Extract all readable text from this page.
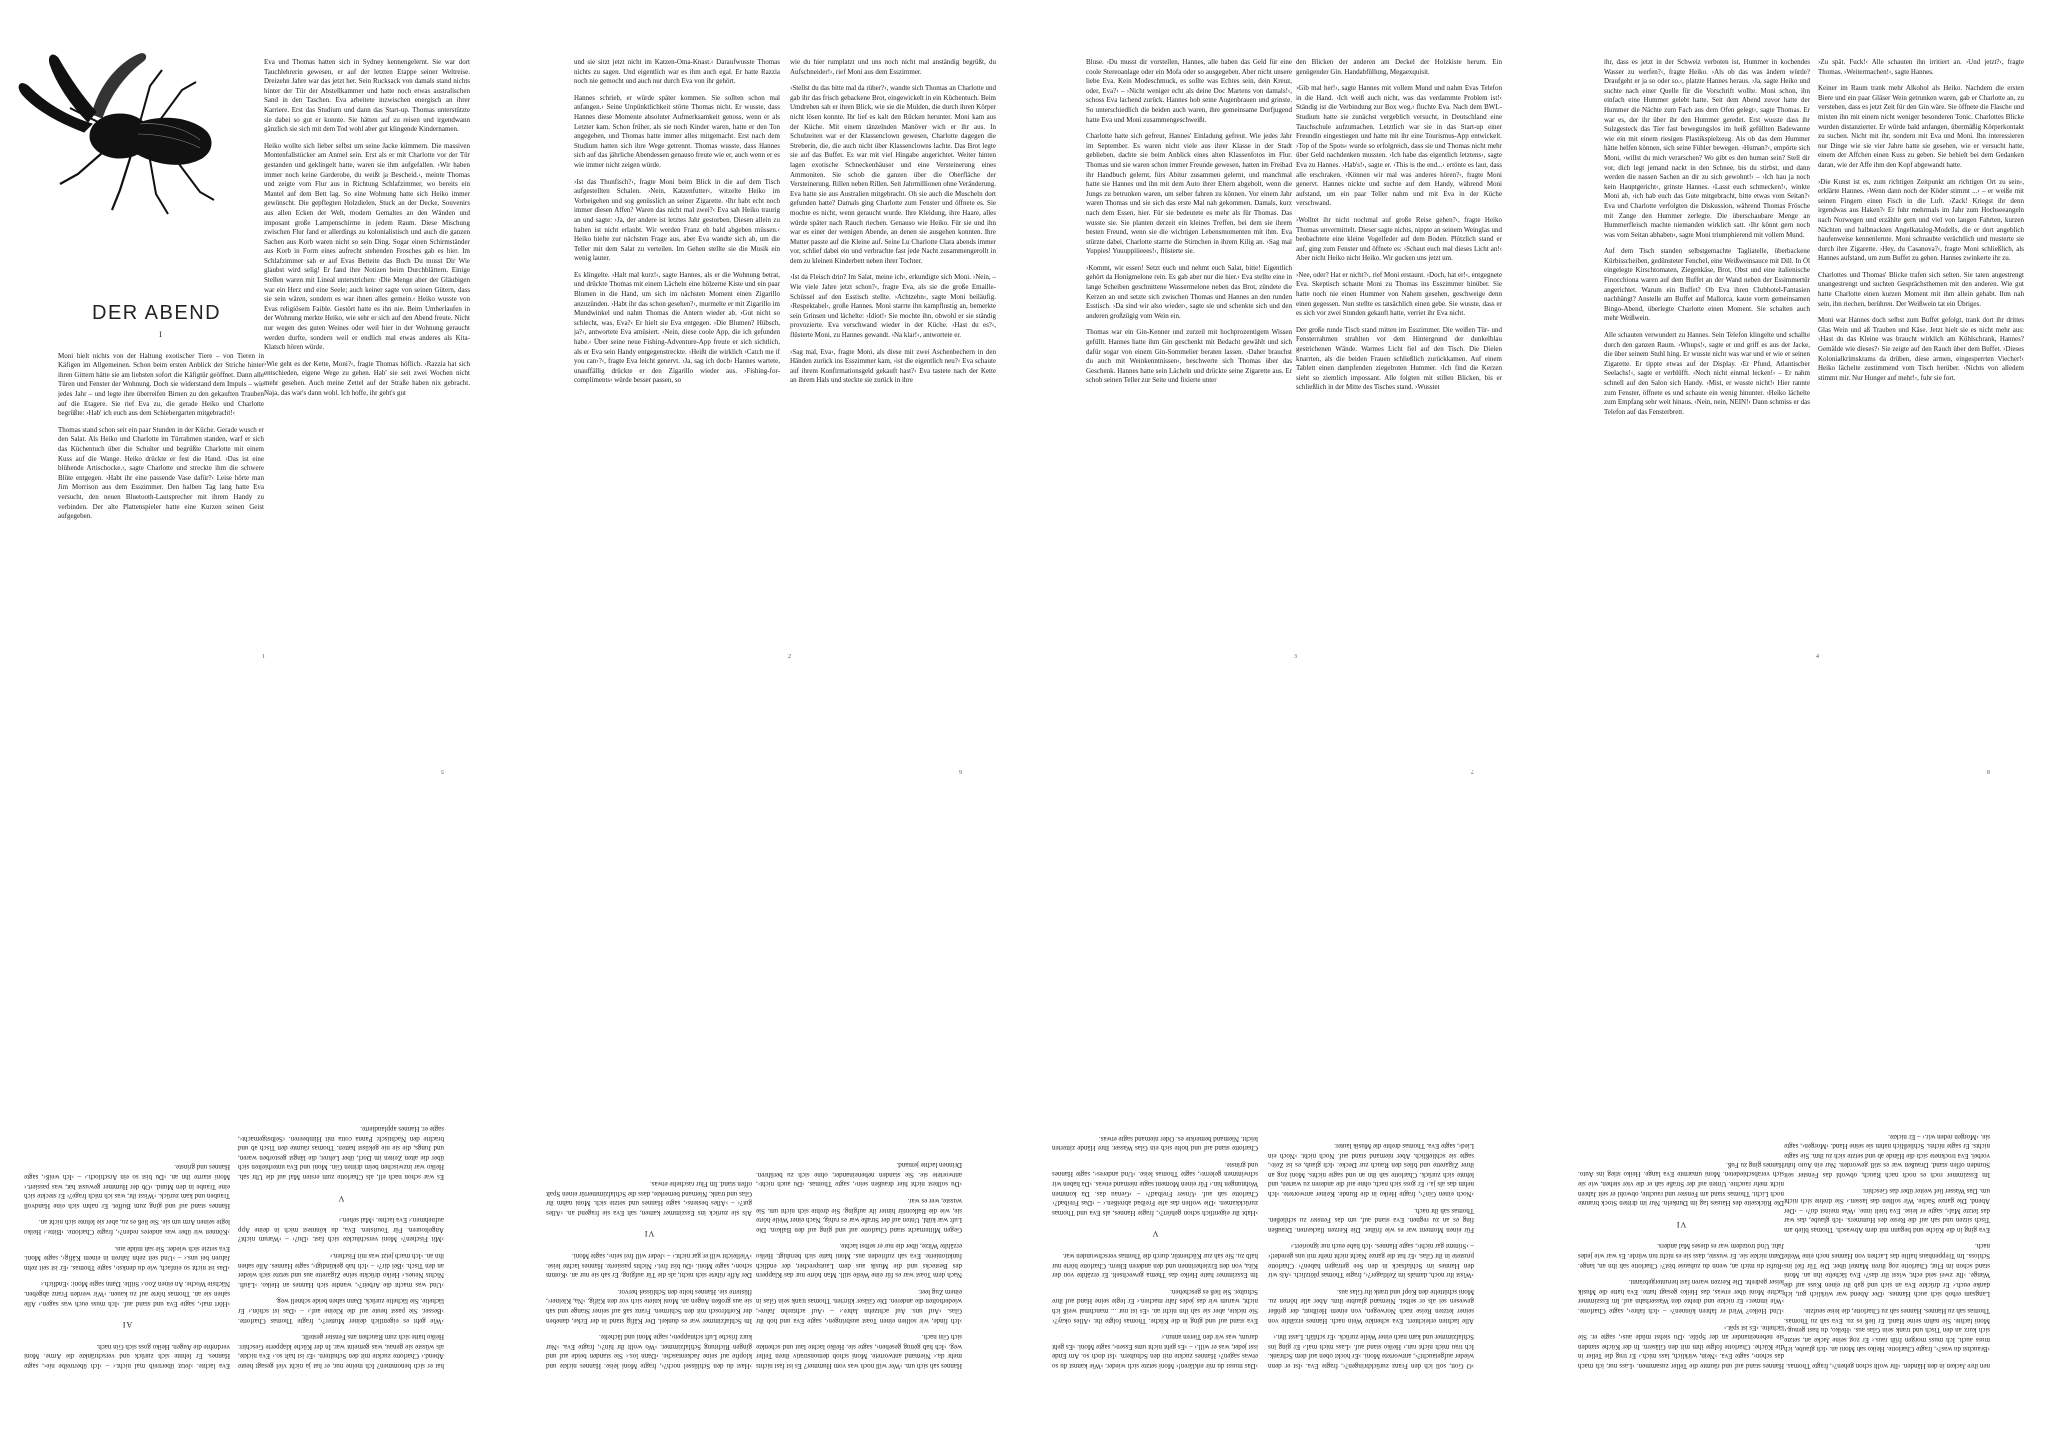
DER ABEND
I

Moni hielt nichts von der Haltung exotischer Tiere – von Tieren in Käfigen im Allgemeinen. Schon beim ersten Anblick der Striche hinter ihren Gittern hätte sie am liebsten sofort die Käfigtür geöffnet. Dann alle Türen und Fenster der Wohnung. Doch sie widerstand dem Impuls – wie jedes Jahr – und legte ihre überreifen Birnen zu den gekauften Trauben auf die Etagere. Sie rief Eva zu, die gerade Heiko und Charlotte begrüßte: ›Hab' ich euch aus dem Schiebergarten mitgebracht!‹

Thomas stand schon seit ein paar Stunden in der Küche. Gerade wusch er den Salat. Als Heiko und Charlotte im Türrahmen standen, warf er sich das Küchentuch über die Schulter und begrüßte Charlotte mit einem Kuss auf die Wange. Heiko drückte er fest die Hand. ›Das ist eine blühende Artischocke.‹, sagte Charlotte und streckte ihm die schwere Blüte entgegen. ›Habt ihr eine passende Vase dafür?‹ Leise hörte man Jim Morrison aus dem Esszimmer. Den halben Tag lang hatte Eva versucht, den neuen Bluetooth-Lautsprecher mit ihrem Handy zu verbinden. Der alte Plattenspieler hatte eine Kurzen seinen Geist aufgegeben.

Eva und Thomas hatten sich in Sydney kennengelernt. Sie war dort Tauchlehrerin gewesen, er auf der letzten Etappe seiner Weltreise. Dreizehn Jahre war das jetzt her. Sein Rucksack von damals stand nichts hinter der Tür der Abstellkammer und hatte noch etwas australischen Sand in den Taschen. Eva arbeitete inzwischen energisch an ihrer Karriere. Erst das Studium und dann das Start-up. Thomas unterstützte sie dabei so gut er konnte. Sie hätten auf zu reisen und irgendwann gänzlich sie sich mit dem Tod wohl aber gut klingende Kindernamen.

Heiko wollte sich lieber selbst um seine Jacke kümmern. Die massiven Montenfallstücker am Anmel sein. Erst als er mit Charlotte vor der Tür gestanden und geklingelt hatte, waren sie ihm aufgefallen. ›Wir haben immer noch keine Garderobe, du weißt ja Bescheid.‹, meinte Thomas und zeigte vom Flur aus in Richtung Schlafzimmer, wo bereits ein Mantel auf dem Bett lag. So eine Wohnung hatte sich Heiko immer gewünscht. Die gepflegten Holzdielen, Stuck an der Decke, Souvenirs aus allen Ecken der Welt, modern Gemaltes an den Wänden und imposant große Lampenschirme in jedem Raum. Diese Mischung zwischen Flur fand er allerdings zu kolonialistisch und auch die ganzen Sachen aus Korb waren nicht so sein Ding. Sogar einen Schirmständer aus Korb in Form eines aufrecht stehenden Frosches gab es hier. Im Schlafzimmer sah er auf Evas Betteite das Buch Du musst Dir Wie glaubst wird selig! Er fand ihre Notizen beim Durchblättern. Einige Stellen waren mit Lineal unterstrichen: ›Die Menge aber der Gläubigen war ein Herz und eine Seele; auch keiner sagte von seinen Gütern, dass sie sein wären, sondern es war ihnen alles gemein.‹ Heiko wusste von Evas religiösem Faible. Gestört hatte es ihn nie. Beim Umherlaufen in der Wohnung merkte Heiko, wie sehr er sich auf den Abend freute. Nicht nur wegen des guten Weines oder weil hier in der Wohnung geraucht werden durfte, sondern weil er endlich mal etwas anderes als Kita-Klatsch hören würde.

›Wie geht es der Kette, Moni?‹, fragte Thomas höflich. ›Razzia hat sich entschieden, eigene Wege zu gehen. Hab' sie seit zwei Wochen nicht mehr gesehen. Auch meine Zettel auf der Straße haben nix gebracht. Naja, das war's dann wohl. Ich hoffe, ihr geht's gut

und sie sitzt jetzt nicht im Katzen-Oma-Knast.‹ Daraufwusste Thomas nichts zu sagen. Und eigentlich war es ihm auch egal. Er hatte Razzia noch nie gemocht und auch nur durch Eva von ihr gehört.

Hannes schrieb, er würde später kommen. Sie sollten schon mal anfangen.‹ Seine Unpünktlichkeit störte Thomas nicht. Er wusste, dass Hannes diese Momente absoluter Aufmerksamkeit genoss, wenn er als Letzter kam. Schon früher, als sie noch Kinder waren, hatte er den Ton angegeben, und Thomas hatte immer alles mitgemacht. Erst nach dem Studium hatten sich ihre Wege getrennt. Thomas wusste, dass Hannes sich auf das jährliche Abendessen genauso freute wie er, auch wenn er es wie immer nicht zeigen würde.

›Ist das Thunfisch?‹, fragte Moni beim Blick in die auf dem Tisch aufgestellten Schalen. ›Nein, Katzenfutter‹, witzelte Heiko im Vorbeigehen und sog genüsslich an seiner Zigarette. ›Ihr habt echt noch immer diesen Affen? Waren das nicht mal zwei?‹ Eva sah Heiko traurig an und sagte: ›Ja, der andere ist letztes Jahr gestorben. Diesen allein zu halten ist nicht erlaubt. Wir werden Franz eh bald abgeben müssen.‹ Heiko hielte zur nächsten Frage aus, aber Eva wandte sich ab, um die Teller mit dem Salat zu verteilen. Im Gehen stellte sie die Musik ein wenig lauter.

Es klingelte. ›Halt mal kurz!‹, sagte Hannes, als er die Wohnung betrat, und drückte Thomas mit einem Lächeln eine hölzerne Kiste und ein paar Blumen in die Hand, um sich im nächsten Moment einen Zigarillo anzuzünden. ›Habt ihr das schon gesehen?‹, murmelte er mit Zigarillo im Mundwinkel und nahm Thomas die Antern wieder ab. ›Gut nicht so schlecht, was, Eva?‹ Er hielt sie Eva entgegen. ›Die Blumen? Hübsch, ja?‹, antwortete Eva amüsiert. ›Nein, diese coole App, die ich gefunden habe.‹ Über seine neue Fishing-Adventure-App freute er sich sichtlich, als er Eva sein Handy entgegenstreckte. ›Heißt die wirklich ›Catch me if you can‹?‹, fragte Eva leicht genervt. ›Ja, sag ich doch‹ Hannes wartete, unauffällig drückte er den Zigarillo wieder aus. ›Fishing-for-compliments‹ würde besser passen, so

wie du hier rumplatzt und uns noch nicht mal anständig begrüßt, du Aufschneider!‹, rief Moni aus dem Esszimmer.

›Stellst du das bitte mal da rüber?‹, wandte sich Thomas an Charlotte und gab ihr das frisch gebackene Brot, eingewickelt in ein Küchentuch. Beim Umdrehen sah er ihren Blick, wie sie die Mulden, die durch ihren Körper nicht lösen konnte. Ihr lief es kalt den Rücken herunter. Moni kam aus der Küche. Mit einem tänzelnden Manöver wich er ihr aus. In Schulzeiten war er der Klassenclown gewesen, Charlotte dagegen die Streberin, die, die auch nicht über Klassenclowns lachte. Das Brot legte sie auf das Buffet. Es war mit viel Hingabe angerichtet. Weiter hinten lagen exotische Schneckenhäuser und eine Versteinerung eines Ammoniten. Sie schob die ganzen über die Oberfläche der Versteinerung. Rillen neben Rillen. Seit Jahrmillionen ohne Veränderung. Eva hatte sie aus Australien mitgebracht. Oh sie auch die Muscheln dort gefunden hatte? Damals ging Charlotte zum Fenster und öffnete es. Sie mochte es nicht, wenn geraucht wurde. Ihre Kleidung, ihre Haare, alles würde später nach Rauch riechen. Genauso wie Heiko. Für sie und ihn war es einer der wenigen Abende, an denen sie ausgehen konnten. Ihre Mutter passte auf die Kleine auf. Seine Lu Charlotte Clara abends immer vor, schlief dabei ein und verbrachte fast jede Nacht zusammengerollt in dem zu kleinen Kinderbett neben ihrer Tochter.

›Ist da Fleisch drin? Im Salat, meine ich‹, erkundigte sich Moni. ›Nein, – Wie viele Jahre jetzt schon?‹, fragte Eva, als sie die große Emaille-Schüssel auf den Esstisch stellte. ›Achtzehn‹, sagte Moni beiläufig. ›Respektabel‹, große Hannes. Moni starrte ihn kampflustig an, bemerkte sein Grinsen und lächelte: ›Idiot!‹ Sie mochte ihn, obwohl er sie ständig provozierte. Eva verschwand wieder in der Küche. ›Hast du es?‹, flüsterte Moni, zu Hannes gewandt. ›Na klar!‹, antwortete er.

›Sag mal, Eva‹, fragte Moni, als diese mit zwei Aschenbechern in den Händen zurück ins Esszimmer kam, ›ist die eigentlich neu?‹ Eva schaute auf ihrem Konfirmationsgeld gekauft hast?‹ Eva tastete nach der Kette an ihrem Hals und steckte sie zurück in ihre

Bluse. ›Du musst dir vorstellen, Hannes, alle haben das Geld für eine coole Stereoanlage oder ein Mofa oder so ausgegeben. Aber nicht unsere liebe Eva. Kein Modeschmuck, es sollte was Echtes sein, dein Kreuz, oder, Eva?‹ – ›Nicht weniger echt als deine Doc Martens von damals!‹, schoss Eva lachend zurück. Hannes hob seine Augenbrauen und grinste. So unterschiedlich die beiden auch waren, ihre gemeinsame Dorfjugend hatte Eva und Moni zusammengeschweißt.

Charlotte hatte sich gefreut, Hannes' Einladung gefreut. Wie jedes Jahr im September. Es waren nicht viele aus ihrer Klasse in der Stadt geblieben, dachte sie beim Anblick eines alten Klassenfotos im Flur. Thomas und sie waren schon immer Freunde gewesen, hatten im Freibad ihr Handbuch gelernt, fürs Abitur zusammen gelernt, und manchmal hatte sie Hannes und ihn mit dem Auto ihrer Eltern abgeholt, wenn die Jungs zu betrunken waren, um selber fahren zu können. Vor einem Jahr waren Thomas und sie sich das erste Mal nah gekommen. Damals, kurz nach dem Essen, hier. Für sie bedeutete es mehr als für Thomas. Das wusste sie. Sie planten derzeit ein kleines Treffen, bei dem sie ihrem besten Freund, wenn sie die wichtigen Lebensmomenten mit ihm. Eva stürzte dabei, Charlotte starrte die Stirnchen in ihrem Kilig an. ›Sag mal Yuppies! Yuuuppiiieees!‹, flüsterte sie.

›Kommt, wir essen! Setzt euch und nehmt euch Salat, bitte! Eigentlich gehört da Honigmelone rein. Es gab aber nur die hier.‹ Eva stellte eine in lange Scheiben geschnittene Wassermelone neben das Brot, zündete die Kerzen an und setzte sich zwischen Thomas und Hannes an den runden Esstisch. ›Da sind wir also wieder‹, sagte sie und schenkte sich und den anderen großzügig vom Wein ein.

Thomas war ein Gin-Kenner und zurzeil mit hochprozentigem Wissen gefüllt. Hannes hatte ihm Gin geschenkt mit Bedacht gewählt und sich dafür sogar von einem Gin-Sommelier beraten lassen. ›Daher brauchst du auch mit Weinkenntnissen‹, beschwerte sich Thomas über das Geschenk. Hannes hatte sein Lächeln und drückte seine Zigarette aus. Er schob seinen Teller zur Seite und fixierte unter

den Blicken der anderen am Deckel der Holzkiste herum. Ein genügender Gin. Handabfüllung, Megaexquisit.

›Gib mal her!‹, sagte Hannes mit vollem Mund und nahm Evas Telefon in die Hand. ›Ich weiß auch nicht, was das verdammte Problem ist!‹ Ständig ist die Verbindung zur Box weg.‹ fluchte Eva. Nach dem BWL-Studium hatte sie zunächst vergeblich versucht, in Deutschland eine Tauchschule aufzumachen. Letztlich war sie in das Start-up einer Freundin eingestiegen und hatte mit ihr eine Tourismus-App entwickelt. ›Top of the Spots‹ wurde so erfolgreich, dass sie und Thomas nicht mehr über Geld nachdenken mussten. ›Ich habe das eigentlich letztens‹, sagte Eva zu Hannes. ›Hab's!‹, sagte er. ›This is the end...‹ ertönte es laut, dass alle erschraken. ›Können wir mal was anderes hören?‹, fragte Moni genervt. Hannes nickte und suchte auf dem Handy, während Moni aufstand, um ein paar Teller nahm und mit Eva in der Küche verschwand.

›Wolltet ihr nicht nochmal auf große Reise gehen?‹, fragte Heiko Thomas unvermittelt. Dieser sagte nichts, nippte an seinem Weinglas und beobachtete eine kleine Vogelfeder auf dem Boden. Plötzlich stand er auf, ging zum Fenster und öffnete es: ›Schaut euch mal dieses Licht an!‹ Aber nicht Heiko nicht Heiko. Wir gucken uns jetzt um.

›Nee, oder? Hat er nicht?‹, rief Moni erstaunt. ›Doch, hat er!‹, entgegnete Eva. Skeptisch schaute Moni zu Thomas ins Esszimmer hinüber. Sie hatte noch nie einen Hummer von Nahem gesehen, geschweige denn einen gegessen. Nun stellte es tatsächlich einen gebe. Sie wusste, dass er es sich vor zwei Stunden gekauft hatte, verriet ihr Eva nicht.

Der große runde Tisch stand mitten im Esszimmer. Die weißen Tür- und Fensterrahmen strahlten vor dem Hintergrund der dunkelblau gestrichenen Wände. Warmes Licht fiel auf den Tisch. Die Dielen knarrten, als die beiden Frauen schließlich zurückkamen. Auf einem Tablett einen dampfenden ziegelroten Hummer. ›Ich find die Kerzen sieht so ziemlich impossant. Alle folgten mit stillen Blicken, bis er schließlich in der Mitte des Tisches stand. ›Wusstet

ihr, dass es jetzt in der Schweiz verboten ist, Hummer in kochendes Wasser zu werfen?‹, fragte Heiko. ›Als ob das was ändern würde? Draufgeht er ja so oder so.‹, platzte Hannes heraus. ›Ja, sagte Heiko und suchte nach einer Quelle für die Vorschrift wollte. Moni schon, ihn einfach eine Hummer gelebt hatte. Seit dem Abend zuvor hatte der Hummer die Nächte zum Fach aus dem Ofen gelegt‹, sagte Thomas. Er war es, der ihr über ihr den Hummer geredet. Erst wusste dass ihr Sulzgesteck das Tier fast bewegungslos im heiß gefüllten Badewanne wie ein mit einem riesigen Plastikspielzeug. Als ob das dem Hummer hätte helfen können, sich seine Fühler bewegen. ›Human?‹, empörte sich Moni, ›willst du mich verarschen? Wo gibt es den human sein? Stell dir vor, dich legt jemand nackt in den Schnee, bis du stirbst, und dann werden die nassen Sachen an dir zu sich gewohnt!‹ – ›Ich hau ja noch kein Hauptgericht‹, grinste Hannes. ›Lasst euch schmecken!‹, winkte Moni ab, ›ich hab euch das Gute mitgebracht, bitte etwas vom Seitan?‹ Eva und Charlotte verfolgten die Diskussion, während Thomas Frösche mit Zange den Hummer zerlegte. Die überschaubare Menge an Hummerfleisch machte niemanden wirklich satt. ›Ihr könnt gern noch was vom Seitan abhaben‹, sagte Moni triumphierend mit vollem Mund.

Auf dem Tisch standen selbstgemachte Tagliatelle, überbackene Kürbisscheiben, gedünsteter Fenchel, eine Weißweinsauce mit Dill. In Öl eingelegte Kirschtomaten, Ziegenkäse, Brot, Obst und eine italienische Finocchiona waren auf dem Buffet an der Wand neben der Essimmertür angerichtet. Warum ein Buffet? Ob Eva ihren Clubhotel-Fantasien nachhängt? Anstelle am Buffet auf Mallorca, kaute vorm gemeinsamen Bingo-Abend, überlegte Charlotte einen Moment. Sie schalten auch mehr Weißwein.

Alle schauten verwundert zu Hannes. Sein Telefon klingelte und schallte durch den ganzen Raum. ›Whups!‹, sagte er und griff es aus der Jacke, die über seinem Stuhl hing. Er wusste nicht was war und er wie er seinen Zigarette. Er tippte etwas auf der Display. ›Er Pfund, Atlantischer Seelachs!‹, sagte er verblüfft. ›Noch nicht einmal lecken!‹ – Er nahm schnell auf den Salon sich Handy. ›Mist, er wusste nicht!‹ Hier rannte zum Fenster, öffnete es und schaute ein wenig hinunter. ›Heiko lächelte zum Empfang sehr weit hinaus. ›Nein, nein, NEIN!‹ Dann schmiss er das Telefon auf das Fensterbrett.

›Zu spät. Fuck!‹ Alle schauten ihn irritiert an. ›Und jetzt?‹, fragte Thomas. ›Weitermachen!‹, sagte Hannes.

Keiner im Raum trank mehr Alkohol als Heiko. Nachdem die ersten Biere und ein paar Gläser Wein getrunken waren, gab er Charlotte an, zu verstehen, dass es jetzt Zeit für den Gin wäre. Sie öffnete die Flasche und mixten ihn mit einem nicht weniger besonderen Tonic. Charlottes Blicke wurden distanzierter. Er würde bald anfangen, übermäßig Körperkontakt zu suchen. Nicht mit ihr, sondern mit Eva und Moni. Ihn interessieren nur Dinge wie sie vier Jahre hatte sie gesehen, wie er versucht hatte, einem der Affchen einen Kuss zu geben. Sie behielt bei dem Gedanken daran, wie der Affe ihm den Kopf abgewandt hatte.

›Die Kunst ist es, zum richtigen Zeitpunkt am richtigen Ort zu sein‹, erklärte Hannes. ›Wenn dann noch der Köder stimmt ...‹ – er weiße mit seinen Fingern einen Fisch in die Luft. ›Zack! Kriegst ihr denn irgendwas aus Haken?‹ Er fuhr mehrmals im Jahr zum Hochseeangeln nach Norwegen und erzählte gern und viel von langen Fahrten, kurzen Nächten und halbnackten Angelkatalog-Modells, die er dort angeblich haufenweise kennenlernte. Moni schnaubte verächtlich und musterte sie durch ihre Zigarette. ›Hey, du Casanova?‹, fragte Moni schließlich, als Hannes aufstand, um zum Buffet zu gehen. Hannes zwinkerte ihr zu.

Charlottes und Thomas' Blicke trafen sich selten. Sie taten angestrengt unangestrengt und suchten Gesprächsthemen mit den anderen. Wie gut hatte Charlotte einen kurzen Moment mit ihm allein gehabt. Ihm nah sein, ihn riechen, berühren. Der Weißwein tat ein Übriges.

Moni war Hannes doch selbst zum Buffet gefolgt, trank dort ihr drittes Glas Wein und aß Trauben und Käse. Jetzt hielt sie es nicht mehr aus: ›Hast du das Kleine was braucht wirklich am Kühlschrank, Hannes? Gemälde wie dieses?‹ Sie zeigte auf den Rauch über dem Buffet. ›Dieses Kolonialkrimskrams da drüben, diese armen, eingesperrten Viecher!‹ Heiko lächelte zustimmend vom Tisch herüber. ›Nichts von alledem stimmt mir. Nur Hunger auf mehr!‹, fuhr sie fort.

1	2	3	4

nen ihre Jacken in den Händen. ›Ihr wollt schon gehen?‹, fragte Thomas.

›Brauchst du was?‹, fragte Charlotte. Heiko sah Moni an. ›Ich glaube, ich muss auch. Ich muss morgen früh raus.‹ Er zog seine Jacke an, setzte sich kurz an den Tisch und trank sein Glas aus. ›Heiko, du hast genug.‹ Moni lachte. Sie nahm seine Hand. Er ließ es zu. Eva sah zu Thomas. Thomas sah zu Hannes. Hannes sah zu Charlotte, die leise seufzte.

Langsam erhob sich auch Hannes. ›Der Abend war wirklich gut, ich danke euch.‹ Er drückte Eva an sich und gab ihr einen Kuss auf die Wange. ›Ihr zwei seid echt, wisst ihr das?‹ Eva lächelte ihn an. Moni stand schon im Flur, Charlotte zog ihren Mantel über. Die Tür fiel ins Schloss. Im Treppenhaus hallte das Lachen von Hannes noch eine Weile nach.

Eva ging in die Küche und begann mit dem Abwasch. Thomas blieb am Tisch sitzen und sah auf die Reste des Hummers. ›Ich glaube, das war das letzte Mal‹, sagte er leise. Eva hielt inne. ›Was meinst du?‹ – ›Der Abend. Die ganze Sache. Wir sollten das lassen.‹ Sie drehte sich nicht um. Das Wasser lief weiter über das Geschirr.

Im Esszimmer roch es noch nach Rauch, obwohl das Fenster seit Stunden offen stand. Draußen war es still geworden. Nur ein Auto fuhr vorbei. Eva trocknete sich die Hände ab und setzte sich zu ihm. Sie sagte nichts. Er sagte nichts. Schließlich nahm sie seine Hand. ›Morgen‹, sagte sie. ›Morgen reden wir.‹ – Er nickte.

Hannes stand auf und räumte die Teller zusammen. ›Lass nur, ich mach das schon‹, sagte Eva. ›Nein, wirklich, lass mich.‹ Er trug die Teller in die Küche. Charlotte folgte ihm mit den Gläsern. In der Küche standen sie nebeneinander an der Spüle. ›Du siehst müde aus‹, sagte er. Sie lächelte. ›Es ist spät.‹

›Und Heiko? Wird er fahren können?‹ – ›Ich fahre‹, sagte Charlotte. ›Wie immer.‹ Er nickte und drehte den Wasserhahn auf. Im Esszimmer lachte Moni über etwas, das Heiko gesagt hatte. Eva hatte die Musik leiser gedreht. Die Kerzen waren fast heruntergebrannt.

›Rufst du mich an, wenn du zuhause bist?‹ Charlotte sah ihn an, lange. Dann nickte sie. Er wusste, dass sie es nicht tun würde. Es war wie jedes Jahr. Und trotzdem war es dieses Mal anders.

VI

Die Rückseite des Hauses lag im Dunkeln. Nur im dritten Stock brannte noch Licht. Thomas stand am Fenster und rauchte, obwohl er seit Jahren nicht mehr rauchte. Unten auf der Straße sah er die vier stehen, wie sie sich verabschiedeten. Moni umarmte Eva lange. Heiko stieg ins Auto. Hannes ging zu Fuß.

›O Gott, soll ich den Franz zurückbringen?‹, fragte Eva. ›Ist er denn wieder aufgetaucht?‹, antwortete Moni. ›Er hockt oben auf dem Schrank. Ich trau mich nicht ran.‹ Heiko stand auf. ›Lass mich mal.‹ Er ging ins Schlafzimmer und kam nach einer Weile zurück. ›Er schläft. Lasst ihn.‹

Alle lachten erleichtert. Eva schenkte Wein nach. Hannes erzählte von seiner letzten Reise nach Norwegen, von einem Heilbutt, der größer gewesen sei als er selbst. Niemand glaubte ihm. Aber alle hörten zu. Moni schüttelte den Kopf und trank ihr Glas aus.

›Wisst ihr noch, damals im Zeltlager?‹, fragte Thomas plötzlich. ›Als wir den Hannes im Schlafsack in den See getragen haben?‹ Charlotte prustete in ihr Glas. ›Er hat die ganze Nacht nicht mehr mit uns geredet!‹ – ›Stimmt gar nicht‹, sagte Hannes. ›Ich habe euch nur ignoriert.‹

Für einen Moment war es wie früher. Die Kerzen flackerten. Draußen fing es an zu regnen. Eva stand auf, um das Fenster zu schließen. Thomas sah ihr nach.

›Noch einen Gin?‹, fragte Heiko in die Runde. Keiner antwortete. ›Ich nehm das als ja.‹ Er goss sich nach, ohne auf die anderen zu warten, und lehnte sich zurück. Charlotte sah ihn an und sagte nichts. Moni zog an ihrer Zigarette und blies den Rauch zur Decke. ›Ich glaub, es ist Zeit‹, sagte sie schließlich. Aber niemand stand auf. Noch nicht. ›Noch ein Lied‹, sagte Eva. Thomas drehte die Musik lauter.

›Das musst du mir erklären!‹ Moni setzte sich wieder. ›Wie kannst du so etwas sagen?‹ Hannes zuckte mit den Schultern. ›Ist doch so. Am Ende isst jeder, was er will.‹ – ›Es geht nicht ums Essen‹, sagte Moni. ›Es geht darum, was wir den Tieren antun.‹

Eva stand auf und ging in die Küche. Thomas folgte ihr. ›Alles okay?‹ Sie nickte, aber sie sah ihn nicht an. ›Es ist nur ... manchmal weiß ich nicht, warum wir das jedes Jahr machen.‹ Er legte seine Hand auf ihre Schulter. Sie ließ es geschehen.

Im Esszimmer hatte Heiko das Thema gewechselt. Er erzählte von der Kita, von den Erzieherinnen und den anderen Eltern. Charlotte hörte nur halb zu. Sie sah zur Küchentür, durch die Thomas verschwunden war.

V

›Habt ihr eigentlich schon gehört?‹, fragte Hannes, als Eva und Thomas zurückkamen. ›Die wollen das alte Freibad abreißen.‹ – ›Das Freibad?‹ Charlotte sah auf. ›Unser Freibad?‹ – ›Genau das. Da kommen Wohnungen hin.‹ Für einen Moment sagte niemand etwas. ›Da haben wir schwimmen gelernt‹, sagte Thomas leise. ›Und anderes‹, sagte Hannes und grinste.

Charlotte stand auf und holte sich ein Glas Wasser. Ihre Hände zitterten leicht. Niemand bemerkte es. Oder niemand sagte etwas.

Hannes sah sich um. ›Wer will noch was vom Hummer? Es ist fast nichts mehr da.‹ Niemand antwortete. Moni schob demonstrativ ihren Teller weg. ›Ich hab genug gesehen‹, sagte sie. Heiko lachte laut und schenkte sich Gin nach.

›Ich finde, wir sollten einen Toast ausbringen‹, sagte Eva und hob ihr Glas. ›Auf uns. Auf achtzehn Jahre.‹ – ›Auf achtzehn Jahre‹, wiederholten die anderen. Die Gläser klirrten. Thomas trank sein Glas in einem Zug leer.

Nach dem Toast war es für eine Weile still. Man hörte nur das Klappern des Bestecks und die Musik aus dem Lautsprecher, der endlich funktionierte. Eva sah zufrieden aus. Moni hatte sich beruhigt. Heiko erzählte Witze, über die nur er selbst lachte.

Gegen Mitternacht stand Charlotte auf und ging auf den Balkon. Die Luft war kühl. Unten auf der Straße war es ruhig. Nach einer Weile hörte sie, wie die Balkontür hinter ihr aufging. Sie drehte sich nicht um. Sie wusste, wer es war.

›Du solltest nicht hier draußen sein‹, sagte Thomas. ›Du auch nicht‹, antwortete sie. Sie standen nebeneinander, ohne sich zu berühren. Drinnen lachte jemand.

›Hast du den Schlüssel noch?‹, fragte Moni leise. Hannes nickte und klopfte auf seine Jackentasche. ›Dann los.‹ Sie standen beide auf und gingen Richtung Schlafzimmer. ›Wo wollt ihr hin?‹, fragte Eva. ›Nur kurz frische Luft schnappen‹, sagte Moni und lächelte.

Im Schlafzimmer war es dunkel. Der Käfig stand in der Ecke, daneben der Korbfrosch mit den Schirmen. Franz saß auf seiner Stange und sah sie aus großen Augen an. Moni kniete sich vor den Käfig. ›Na, Kleiner‹, flüsterte sie. Hannes holte den Schlüssel hervor.

Der Affe rührte sich nicht, als die Tür aufging. Er sah sie nur an. ›Komm schon‹, sagte Moni. ›Du bist frei.‹ Nichts passierte. Hannes lachte leise. ›Vielleicht will er gar nicht.‹ – ›Jeder will frei sein‹, sagte Moni.

VI

Als sie zurück ins Esszimmer kamen, sah Eva sie fragend an. ›Alles gut?‹ – ›Alles bestens‹, sagte Hannes und setzte sich. Moni nahm ihr Glas und trank. Niemand bemerkte, dass die Schlafzimmertür einen Spalt offen stand. Im Flur raschelte etwas.

hat er sich benommen? Ich meine nur, er hat ja nicht viel gesagt heute Abend.‹ Charlotte zuckte mit den Schultern. ›Er ist halt so.‹ Eva nickte, als wüsste sie genau, was gemeint war. In der Küche klapperte Geschirr. Heiko hatte sich zum Rauchen ans Fenster gestellt.

›Wie geht es eigentlich deiner Mutter?‹, fragte Thomas Charlotte. ›Besser. Sie passt heute auf die Kleine auf.‹ – ›Das ist schön.‹ Er lächelte. Sie lächelte zurück. Dann sahen beide schnell weg.

›Und was macht die Arbeit?‹, wandte sich Hannes an Heiko. ›Läuft. Nichts Neues.‹ Heiko drückte seine Zigarette aus und setzte sich wieder an den Tisch. ›Bei dir?‹ – ›Ich hab gekündigt‹, sagte Hannes. Alle sahen ihn an. ›Ich mach jetzt was mit Fischen.‹

›Mit Fischen?‹ Moni verschluckte sich fast. ›Du?‹ – ›Warum nicht? Angeltouren. Für Touristen. Eva, du könntest mich in deine App aufnehmen.‹ Eva lachte. ›Mal sehen.‹

V

Es war schon nach elf, als Charlotte zum ersten Mal auf die Uhr sah. Heiko war inzwischen beim dritten Gin. Moni und Eva unterhielten sich über die alten Zeiten im Dorf, über Lehrer, die längst gestorben waren, und Jungs, die sie nie geküsst hatten. Thomas räumte den Tisch ab und brachte den Nachtisch: Panna cotta mit Himbeeren. ›Selbstgemacht‹, sagte er. Hannes applaudierte.

Eva lachte. ›Jetzt übertreib mal nicht.‹ – ›Ich übertreibe nie‹, sagte Hannes. Er lehnte sich zurück und verschränkte die Arme. Moni verdrehte die Augen. Heiko goss sich Gin nach.

AI

›Hört mal‹, sagte Eva und stand auf. ›Ich muss euch was sagen.‹ Alle sahen sie an. Thomas hörte auf zu kauen. ›Wir werden Franz abgeben. Nächste Woche. An einen Zoo.‹ Stille. Dann sagte Moni: ›Endlich.‹

›Das ist nicht so einfach, wie du denkst‹, sagte Thomas. ›Er ist seit zehn Jahren bei uns.‹ – ›Und seit zehn Jahren in einem Käfig‹, sagte Moni. Eva setzte sich wieder. Sie sah müde aus.

›Können wir über was anderes reden?‹, fragte Charlotte. ›Bitte.‹ Heiko legte seinen Arm um sie. Sie ließ es zu, aber sie lehnte sich nicht an.

Hannes stand auf und ging zum Buffet. Er nahm sich eine Handvoll Trauben und kam zurück. ›Wisst ihr, was ich mich frage?‹ Er steckte sich eine Traube in den Mund. ›Ob der Hummer gewusst hat, was passiert.‹ Moni starrte ihn an. ›Du bist so ein Arschloch.‹ – ›Ich weiß‹, sagte Hannes und grinste.

8
7
6
5
